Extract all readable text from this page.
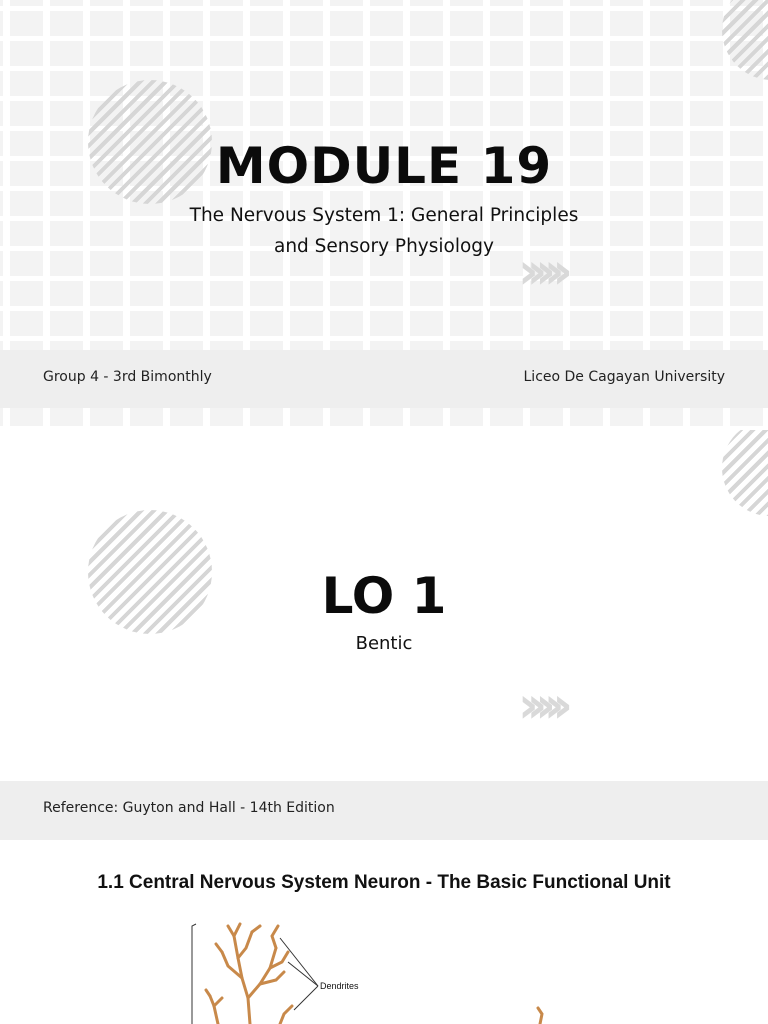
MODULE 19
The Nervous System 1: General Principles
and Sensory Physiology ›››››
Group 4 - 3rd Bimonthly	Liceo De Cagayan University
LO 1
Bentic
›››››
Reference: Guyton and Hall - 14th Edition
1.1 Central Nervous System Neuron - The Basic Functional Unit
Dendrites
